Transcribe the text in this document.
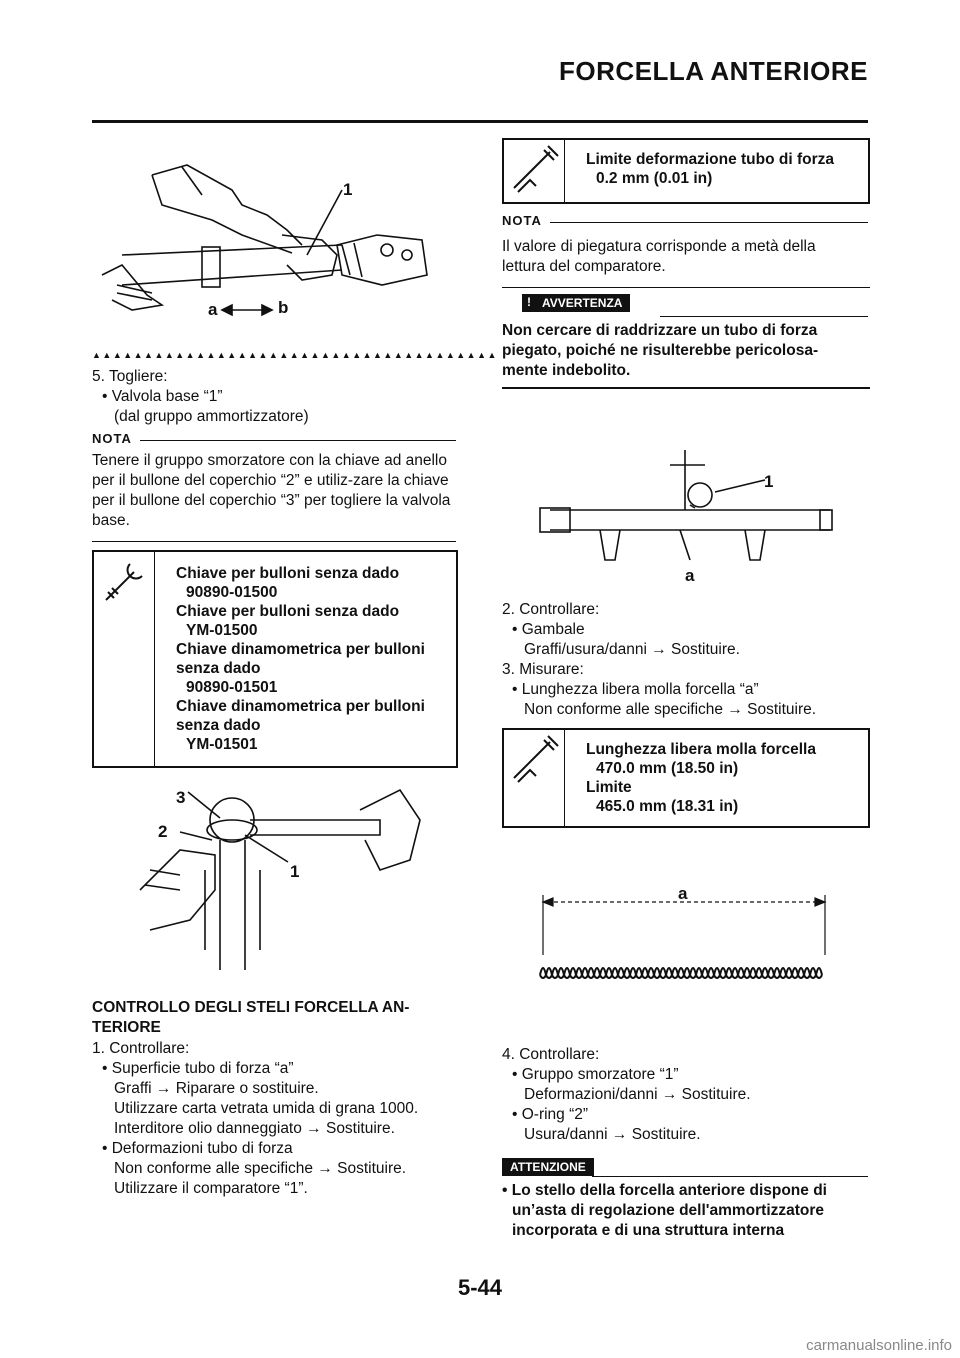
FORCELLA ANTERIORE
1
a	b
▲▲▲▲▲▲▲▲▲▲▲▲▲▲▲▲▲▲▲▲▲▲▲▲▲▲▲▲▲▲▲▲▲▲▲▲▲▲▲
5. Togliere:
• Valvola base “1”
(dal gruppo ammortizzatore)
NOTA
Tenere il gruppo smorzatore con la chiave ad anello per il bullone del coperchio “2” e utiliz-zare la chiave per il bullone del coperchio “3” per togliere la valvola base.
Chiave per bulloni senza dado
90890-01500
Chiave per bulloni senza dado
YM-01500
Chiave dinamometrica per bulloni senza dado
90890-01501
Chiave dinamometrica per bulloni senza dado
YM-01501
3
2
1
CONTROLLO DEGLI STELI FORCELLA AN-
TERIORE
1. Controllare:
• Superficie tubo di forza “a”
Graffi → Riparare o sostituire.
Utilizzare carta vetrata umida di grana 1000.
Interditore olio danneggiato → Sostituire.
• Deformazioni tubo di forza
Non conforme alle specifiche → Sostituire.
Utilizzare il comparatore “1”.
Limite deformazione tubo di forza
0.2 mm (0.01 in)
NOTA
Il valore di piegatura corrisponde a metà della
lettura del comparatore.
! AVVERTENZA
Non cercare di raddrizzare un tubo di forza
piegato, poiché ne risulterebbe pericolosa-
mente indebolito.
1
a
2. Controllare:
• Gambale
Graffi/usura/danni → Sostituire.
3. Misurare:
• Lunghezza libera molla forcella “a”
Non conforme alle specifiche → Sostituire.
Lunghezza libera molla forcella
470.0 mm (18.50 in)
Limite
465.0 mm (18.31 in)
a
4. Controllare:
• Gruppo smorzatore “1”
Deformazioni/danni → Sostituire.
• O-ring “2”
Usura/danni → Sostituire.
ATTENZIONE
• Lo stello della forcella anteriore dispone di
un’asta di regolazione dell'ammortizzatore
incorporata e di una struttura interna
5-44
carmanualsonline.info
